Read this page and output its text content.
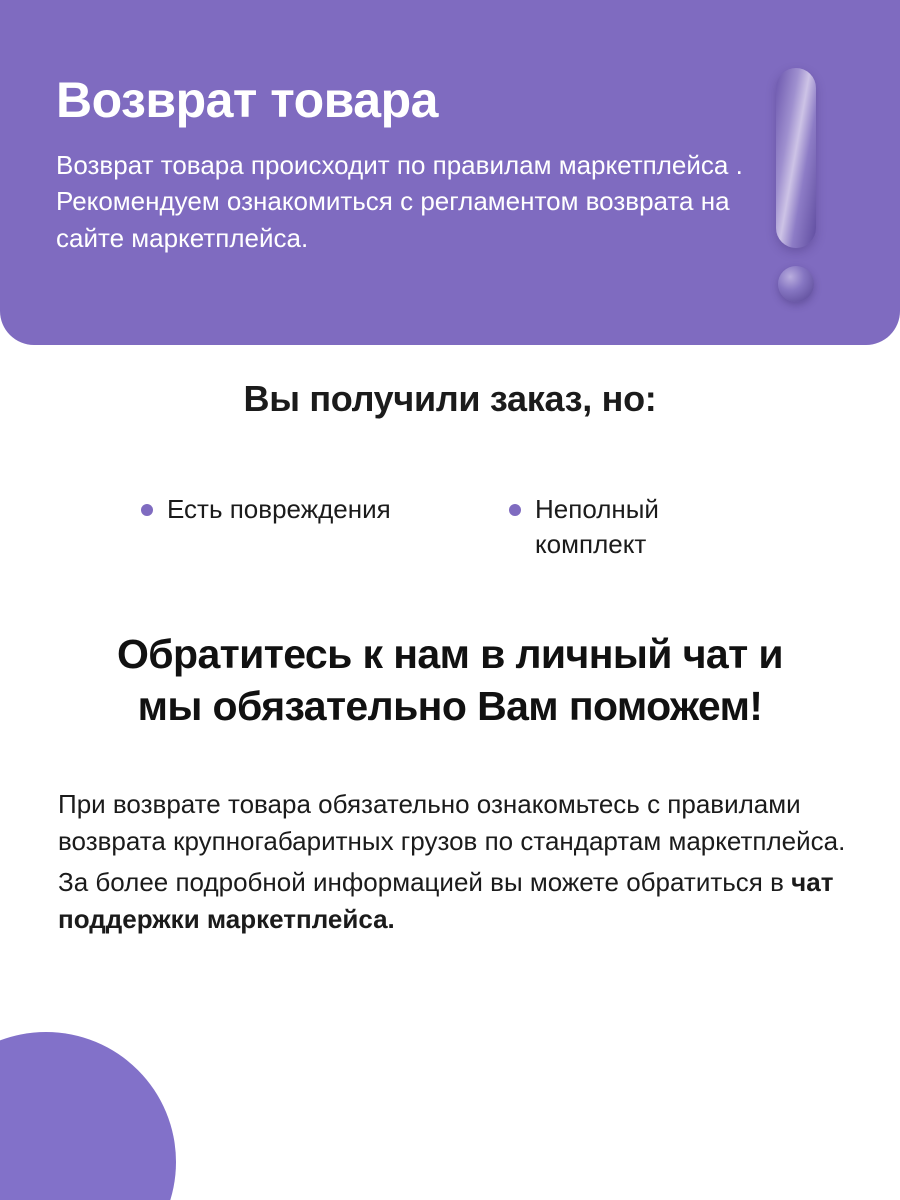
Возврат товара

Возврат товара происходит по правилам маркетплейса . Рекомендуем ознакомиться с регламентом возврата на сайте маркетплейса.

Вы получили заказ, но:
Есть повреждения	Неполный комплект
Обратитесь к нам в личный чат и
мы обязательно Вам поможем!

При возврате товара обязательно ознакомьтесь с правилами возврата крупногабаритных грузов по стандартам маркетплейса.

За более подробной информацией вы можете обратиться в чат поддержки маркетплейса.
